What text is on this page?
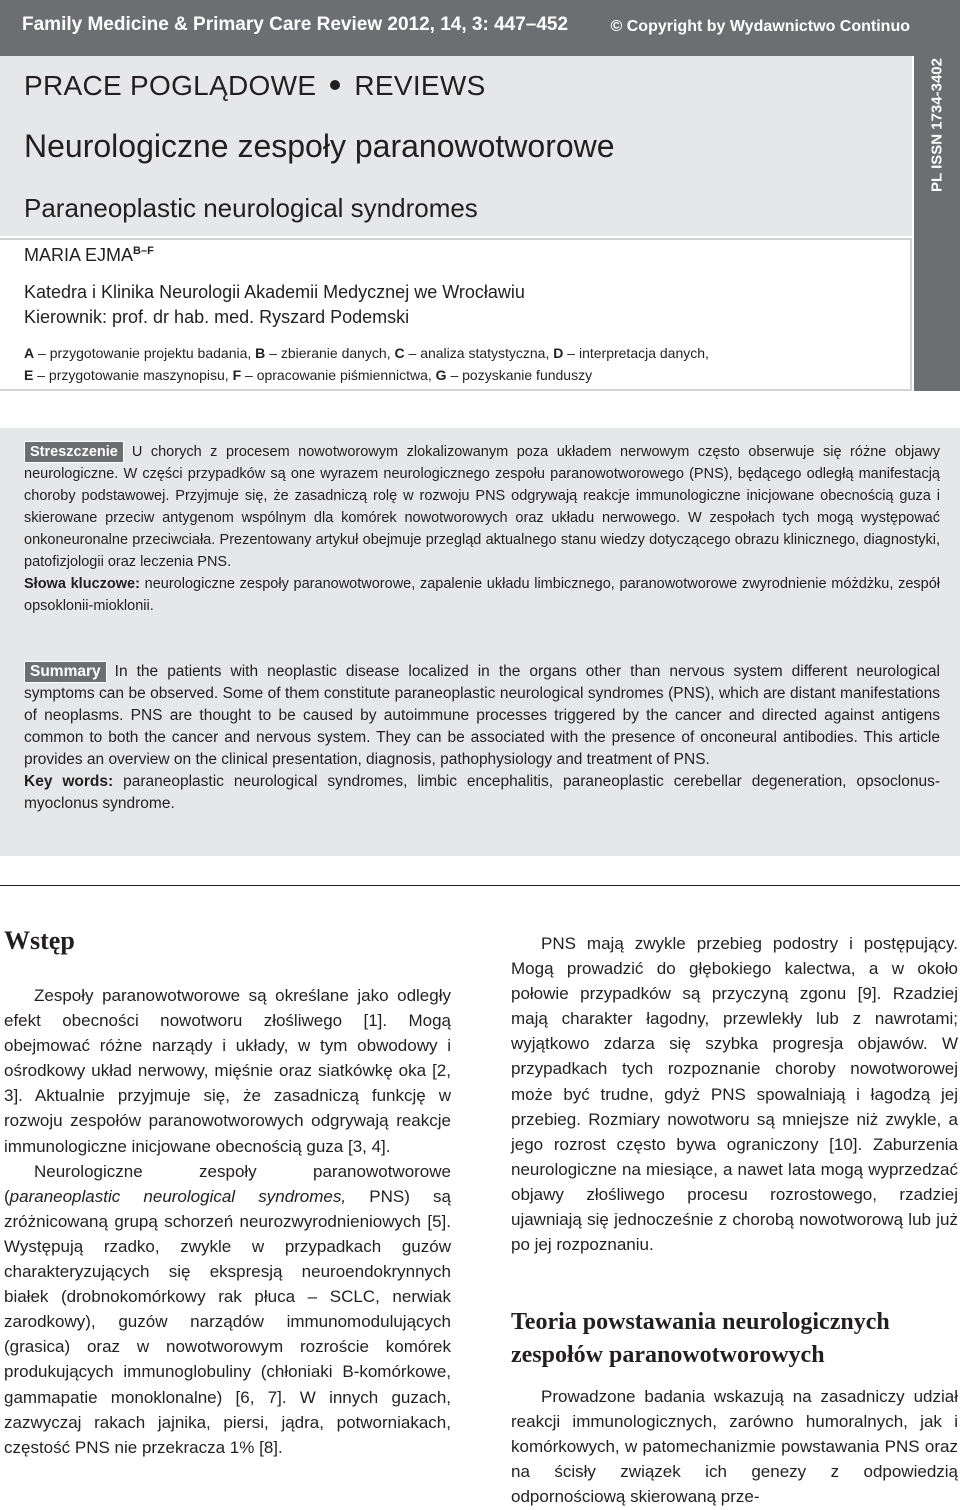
Family Medicine & Primary Care Review 2012, 14, 3: 447–452	© Copyright by Wydawnictwo Continuo
PRACE POGLĄDOWE REVIEWS
Neurologiczne zespoły paranowotworowe
Paraneoplastic neurological syndromes
PL ISSN 1734-3402
MARIA $EJMA^{B-F}$
Katedra i Klinika Neurologii Akademii Medycznej we Wrocławiu
Kierownik: prof. dr hab. med. Ryszard Podemski
A – przygotowanie projektu badania, B – zbieranie danych, C – analiza statystyczna, D – interpretacja danych,
E – przygotowanie maszynopisu, F – opracowanie piśmiennictwa, G – pozyskanie funduszy
Streszczenie U chorych z procesem nowotworowym zlokalizowanym poza układem nerwowym często obserwuje się różne objawy neurologiczne. W części przypadków są one wyrazem neurologicznego zespołu paranowotworowego (PNS), będącego odległą manifestacją choroby podstawowej. Przyjmuje się, że zasadniczą rolę w rozwoju PNS odgrywają reakcje immunologiczne inicjowane obecnością guza i skierowane przeciw antygenom wspólnym dla komórek nowotworowych oraz układu nerwowego. W zespołach tych mogą występować onkoneuronalne przeciwciała. Prezentowany artykuł obejmuje przegląd aktualnego stanu wiedzy dotyczącego obrazu klinicznego, diagnostyki, patofizjologii oraz leczenia PNS.
Słowa kluczowe: neurologiczne zespoły paranowotworowe, zapalenie układu limbicznego, paranowotworowe zwyrodnienie móżdżku, zespół opsoklonii-mioklonii.
Summary In the patients with neoplastic disease localized in the organs other than nervous system different neurological symptoms can be observed. Some of them constitute paraneoplastic neurological syndromes (PNS), which are distant manifestations of neoplasms. PNS are thought to be caused by autoimmune processes triggered by the cancer and directed against antigens common to both the cancer and nervous system. They can be associated with the presence of onconeural antibodies. This article provides an overview on the clinical presentation, diagnosis, pathophysiology and treatment of PNS.
Key words: paraneoplastic neurological syndromes, limbic encephalitis, paraneoplastic cerebellar degeneration, opsoclonus-myoclonus syndrome.
Wstęp

Zespoły paranowotworowe są określane jako odległy efekt obecności nowotworu złośliwego [1]. Mogą obejmować różne narządy i układy, w tym obwodowy i ośrodkowy układ nerwowy, mięśnie oraz siatkówkę oka [2, 3]. Aktualnie przyjmuje się, że zasadniczą funkcję w rozwoju zespołów paranowotworowych odgrywają reakcje immunologiczne inicjowane obecnością guza [3, 4].

Neurologiczne zespoły paranowotworowe (paraneoplastic neurological syndromes, PNS) są zróżnicowaną grupą schorzeń neurozwyrodnieniowych [5]. Występują rzadko, zwykle w przypadkach guzów charakteryzujących się ekspresją neuroendokrynnych białek (drobnokomórkowy rak płuca – SCLC, nerwiak zarodkowy), guzów narządów immunomodulujących (grasica) oraz w nowotworowym rozroście komórek produkujących immunoglobuliny (chłoniaki B-komórkowe, gammapatie monoklonalne) [6, 7]. W innych guzach, zazwyczaj rakach jajnika, piersi, jądra, potworniakach, częstość PNS nie przekracza 1% [8].

PNS mają zwykle przebieg podostry i postępujący. Mogą prowadzić do głębokiego kalectwa, a w około połowie przypadków są przyczyną zgonu [9]. Rzadziej mają charakter łagodny, przewlekły lub z nawrotami; wyjątkowo zdarza się szybka progresja objawów. W przypadkach tych rozpoznanie choroby nowotworowej może być trudne, gdyż PNS spowalniają i łagodzą jej przebieg. Rozmiary nowotworu są mniejsze niż zwykle, a jego rozrost często bywa ograniczony [10]. Zaburzenia neurologiczne na miesiące, a nawet lata mogą wyprzedzać objawy złośliwego procesu rozrostowego, rzadziej ujawniają się jednocześnie z chorobą nowotworową lub już po jej rozpoznaniu.

Teoria powstawania neurologicznych zespołów paranowotworowych

Prowadzone badania wskazują na zasadniczy udział reakcji immunologicznych, zarówno humoralnych, jak i komórkowych, w patomechanizmie powstawania PNS oraz na ścisły związek ich genezy z odpowiedzią odpornościową skierowaną prze-
